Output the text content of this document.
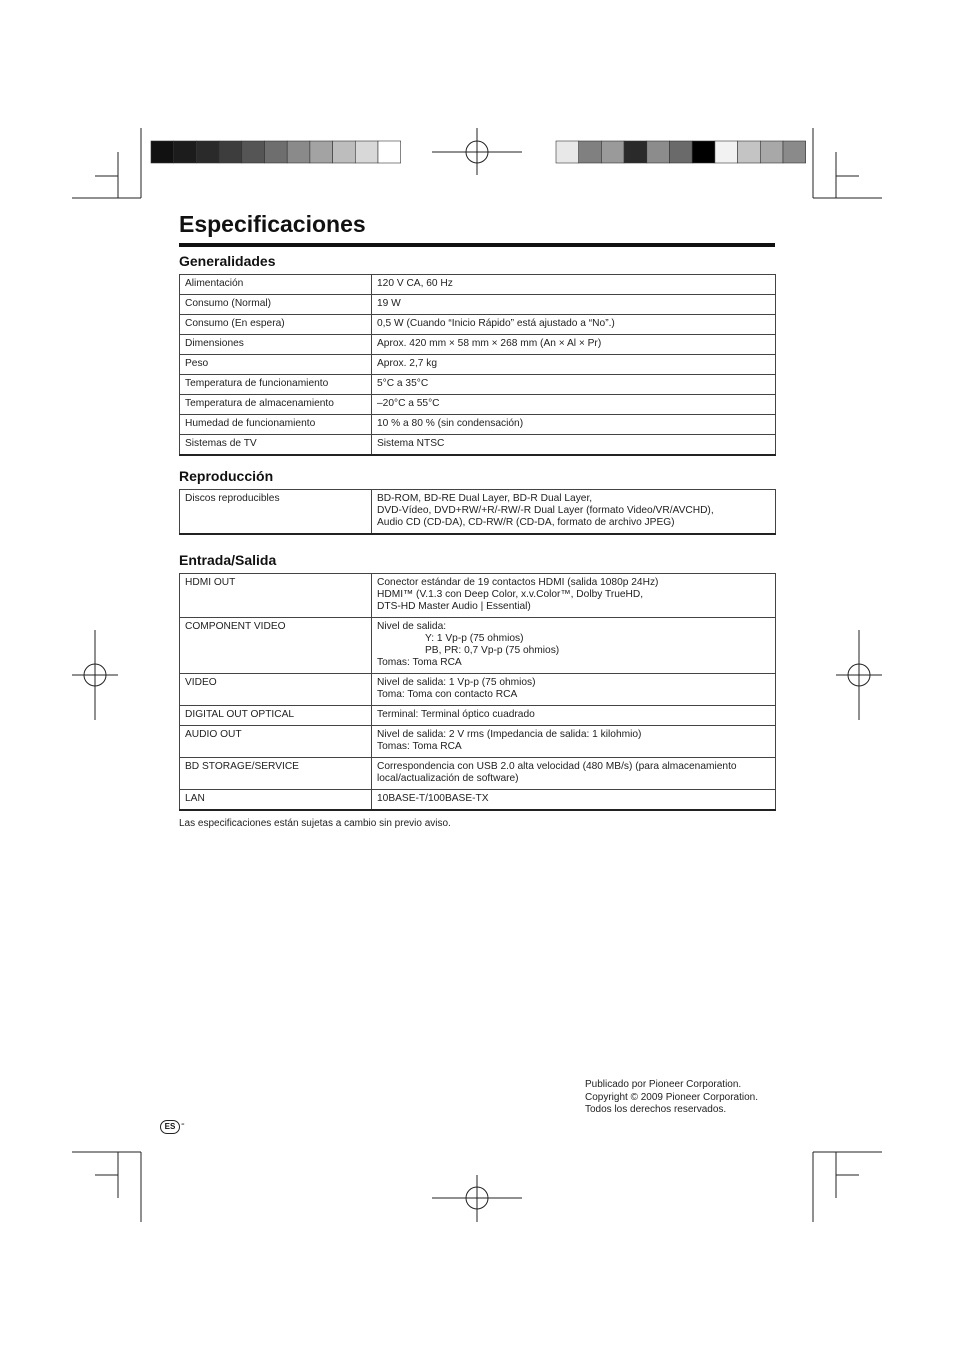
Especificaciones
Generalidades
Alimentación	120 V CA, 60 Hz
Consumo (Normal)	19 W
Consumo (En espera)	0,5 W (Cuando “Inicio Rápido” está ajustado a “No”.)
Dimensiones	Aprox. 420 mm × 58 mm × 268 mm (An × Al × Pr)
Peso	Aprox. 2,7 kg
Temperatura de funcionamiento	5°C a 35°C
Temperatura de almacenamiento	–20°C a 55°C
Humedad de funcionamiento	10 % a 80 % (sin condensación)
Sistemas de TV	Sistema NTSC
Reproducción
Discos reproducibles	BD-ROM, BD-RE Dual Layer, BD-R Dual Layer,
DVD-Vídeo, DVD+RW/+R/-RW/-R Dual Layer (formato Video/VR/AVCHD),
Audio CD (CD-DA), CD-RW/R (CD-DA, formato de archivo JPEG)
Entrada/Salida
HDMI OUT	Conector estándar de 19 contactos HDMI (salida 1080p 24Hz)
HDMI™ (V.1.3 con Deep Color, x.v.Color™, Dolby TrueHD,
DTS-HD Master Audio | Essential)
COMPONENT VIDEO	Nivel de salida:
Y: 1 Vp-p (75 ohmios)
PB, PR: 0,7 Vp-p (75 ohmios)
Tomas: Toma RCA

VIDEO	Nivel de salida: 1 Vp-p (75 ohmios)
Toma: Toma con contacto RCA
DIGITAL OUT OPTICAL	Terminal: Terminal óptico cuadrado
AUDIO OUT	Nivel de salida: 2 V rms (Impedancia de salida: 1 kilohmio)
Tomas: Toma RCA
BD STORAGE/SERVICE	Correspondencia con USB 2.0 alta velocidad (480 MB/s) (para almacenamiento
local/actualización de software)
LAN	10BASE-T/100BASE-TX

Las especificaciones están sujetas a cambio sin previo aviso.

Publicado por Pioneer Corporation.
Copyright © 2009 Pioneer Corporation.
Todos los derechos reservados.
ES -
